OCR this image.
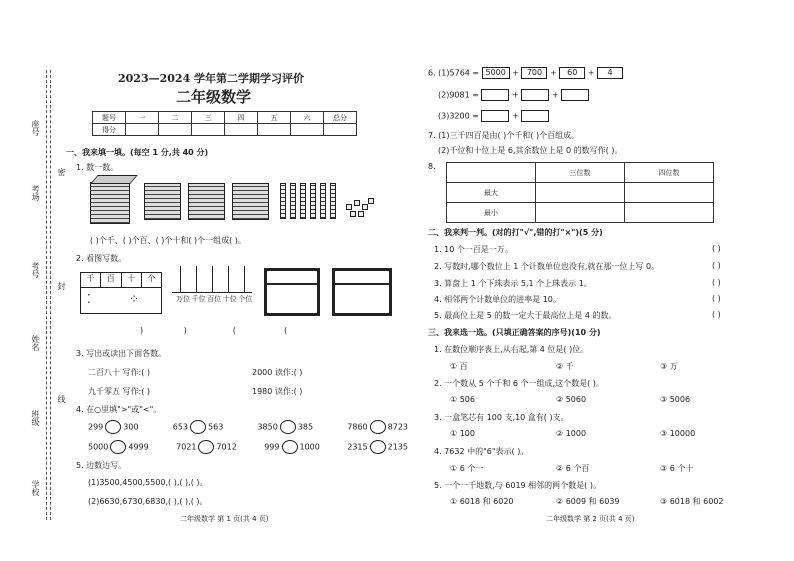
座号
考场
考号
姓名
班级
学校
密
封
线
2023—2024 学年第二学期学习评价
二年级数学
题号	一	二	三	四	五	六	总分
得分							
一、我来填一填。(每空 1 分,共 40 分)
1. 数一数。
( )个千、( )个百、( )个十和( )个一组成( )。
2. 看图写数。
千	百	十	个
⁚          ⁘	万位 千位 百位 十位 个位
)                )                  (                   (
3. 写出或读出下面各数。
二百八十 写作:( )	2000 读作:( )
九千零五 写作:( )	1980 读作:( )
4. 在○里填">"或"<"。
299	300	653	563	3850	385	7860	8723
5000	4999	7021	7012	999	1000	2315	2135
5. 边数边写。
(1)3500,4500,5500,( ),( ),( )。
(2)6630,6730,6830,( ),( ),( )。
二年级数学 第 1 页(共 4 页)
6. (1)5764 = 5000 + 700 + 60 + 4
(2)9081 =	+	+
(3)3200 =	+
7. (1)三千四百是由( )个千和( )个百组成。
(2)千位和十位上是 6,其余数位上是 0 的数写作( )。
8.
	三位数	四位数
最大		
最小		
二、我来判一判。(对的打"√",错的打"×")(5 分)
1. 10 个一百是一万。	( )
2. 写数时,哪个数位上 1 个计数单位也没有,就在那一位上写 0。	( )
3. 算盘上 1 个下珠表示 5,1 个上珠表示 1。	( )
4. 相邻两个计数单位的进率是 10。	( )
5. 最高位上是 5 的数一定大于最高位上是 4 的数。	( )
三、我来选一选。(只填正确答案的序号)(10 分)
1. 在数位顺序表上,从右起,第 4 位是( )位。
① 百	② 千	③ 万
2. 一个数从 5 个千和 6 个一组成,这个数是( )。
① 506	② 5060	③ 5006
3. 一盒笔芯有 100 支,10 盒有( )支。
① 100	② 1000	③ 10000
4. 7632 中的"6"表示( )。
① 6 个一	② 6 个百	③ 6 个十
5. 一个一千地数,与 6019 相邻的两个数是( )。
① 6018 和 6020	② 6009 和 6039	③ 6018 和 6002
二年级数学 第 2 页(共 4 页)
